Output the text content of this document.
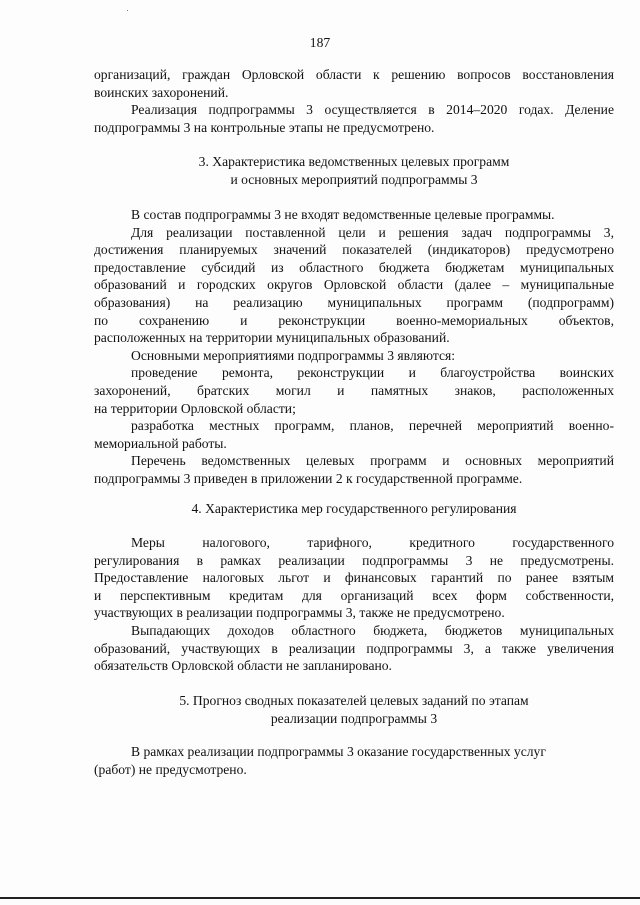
187
организаций, граждан Орловской области к решению вопросов восстановления
воинских захоронений.
Реализация подпрограммы 3 осуществляется в 2014–2020 годах. Деление
подпрограммы 3 на контрольные этапы не предусмотрено.
3. Характеристика ведомственных целевых программ
и основных мероприятий подпрограммы 3
В состав подпрограммы 3 не входят ведомственные целевые программы.
Для реализации поставленной цели и решения задач подпрограммы 3,
достижения планируемых значений показателей (индикаторов) предусмотрено
предоставление субсидий из областного бюджета бюджетам муниципальных
образований и городских округов Орловской области (далее – муниципальные
образования) на реализацию муниципальных программ (подпрограмм)
по сохранению и реконструкции военно-мемориальных объектов,
расположенных на территории муниципальных образований.
Основными мероприятиями подпрограммы 3 являются:
проведение ремонта, реконструкции и благоустройства воинских
захоронений, братских могил и памятных знаков, расположенных
на территории Орловской области;
разработка местных программ, планов, перечней мероприятий военно-
мемориальной работы.
Перечень ведомственных целевых программ и основных мероприятий
подпрограммы 3 приведен в приложении 2 к государственной программе.
4. Характеристика мер государственного регулирования
Меры налогового, тарифного, кредитного государственного
регулирования в рамках реализации подпрограммы 3 не предусмотрены.
Предоставление налоговых льгот и финансовых гарантий по ранее взятым
и перспективным кредитам для организаций всех форм собственности,
участвующих в реализации подпрограммы 3, также не предусмотрено.
Выпадающих доходов областного бюджета, бюджетов муниципальных
образований, участвующих в реализации подпрограммы 3, а также увеличения
обязательств Орловской области не запланировано.
5. Прогноз сводных показателей целевых заданий по этапам
реализации подпрограммы 3
В рамках реализации подпрограммы 3 оказание государственных услуг
(работ) не предусмотрено.
